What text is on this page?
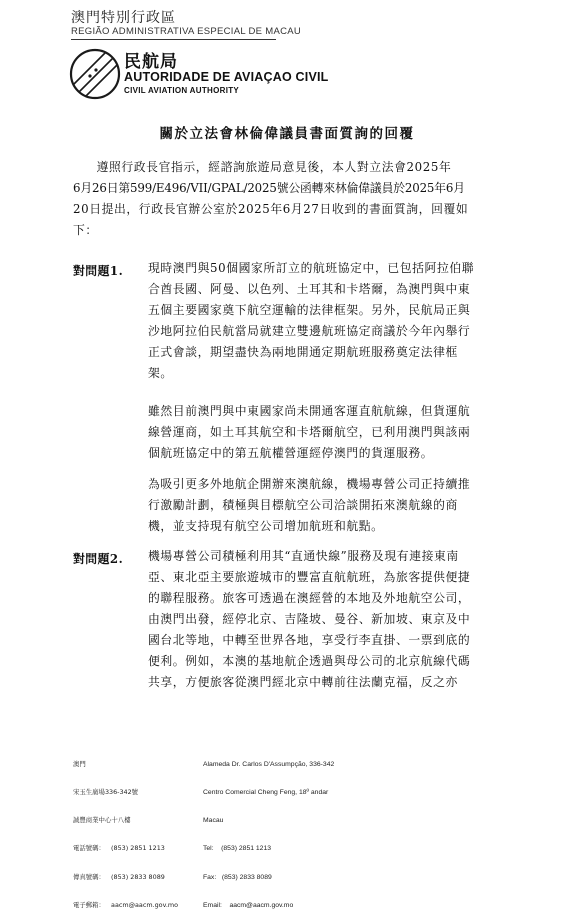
澳門特別行政區
REGIÃO ADMINISTRATIVA ESPECIAL DE MACAU
民航局
AUTORIDADE DE AVIAÇAO CIVIL
CIVIL AVIATION AUTHORITY
關於立法會林倫偉議員書面質詢的回覆
遵照行政長官指示，經諮詢旅遊局意見後，本人對立法會2025年
6月26日第599/E496/VII/GPAL/2025號公函轉來林倫偉議員於2025年6月
20日提出，行政長官辦公室於2025年6月27日收到的書面質詢，回覆如
下：
對問題1. 現時澳門與50個國家所訂立的航班協定中，已包括阿拉伯聯
合酋長國、阿曼、以色列、土耳其和卡塔爾，為澳門與中東
五個主要國家奠下航空運輸的法律框架。另外，民航局正與
沙地阿拉伯民航當局就建立雙邊航班協定商議於今年內舉行
正式會談，期望盡快為兩地開通定期航班服務奠定法律框
架。
雖然目前澳門與中東國家尚未開通客運直航航線，但貨運航
線營運商，如土耳其航空和卡塔爾航空，已利用澳門與該兩
個航班協定中的第五航權營運經停澳門的貨運服務。
為吸引更多外地航企開辦來澳航線，機場專營公司正持續推
行激勵計劃，積極與目標航空公司洽談開拓來澳航線的商
機，並支持現有航空公司增加航班和航點。
對問題2. 機場專營公司積極利用其“直通快線”服務及現有連接東南
亞、東北亞主要旅遊城市的豐富直航航班，為旅客提供便捷
的聯程服務。旅客可透過在澳經營的本地及外地航空公司，
由澳門出發，經停北京、吉隆坡、曼谷、新加坡、東京及中
國台北等地，中轉至世界各地，享受行李直掛、一票到底的
便利。例如，本澳的基地航企透過與母公司的北京航線代碼
共享，方便旅客從澳門經北京中轉前往法蘭克福，反之亦

澳門

宋玉生廣場336-342號

誠豐商業中心十八樓

電話號碼：   (853) 2851 1213

傳真號碼：   (853) 2833 8089

電子郵箱：   aacm@aacm.gov.mo

Alameda Dr. Carlos D'Assumpção, 336-342

Centro Comercial Cheng Feng, 18º andar

Macau

Tel:    (853) 2851 1213

Fax:   (853) 2833 8089

Email:    aacm@aacm.gov.mo
